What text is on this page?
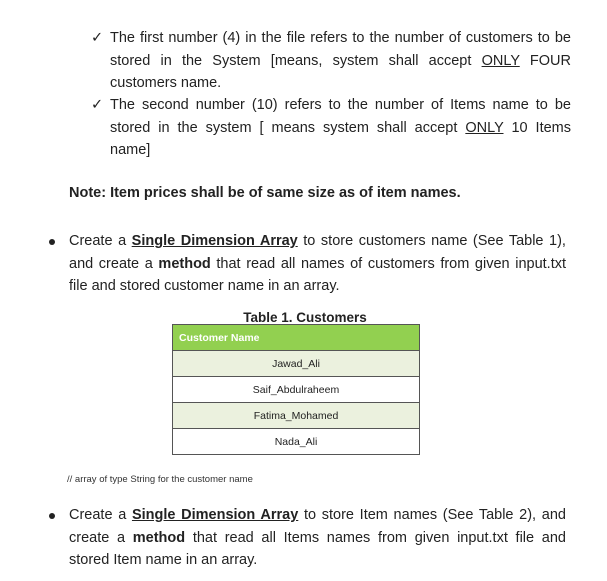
✓ The first number (4) in the file refers to the number of customers to be stored in the System [means, system shall accept ONLY FOUR customers name.
✓ The second number (10) refers to the number of Items name to be stored in the system [ means system shall accept ONLY 10 Items name]
Note: Item prices shall be of same size as of item names.
Create a Single Dimension Array to store customers name (See Table 1), and create a method that read all names of customers from given input.txt file and stored customer name in an array.
Table 1. Customers
Customer Name
Jawad_Ali
Saif_Abdulraheem
Fatima_Mohamed
Nada_Ali
// array of type String for the customer name
Create a Single Dimension Array to store Item names (See Table 2), and create a method that read all Items names from given input.txt file and stored Item name in an array.
